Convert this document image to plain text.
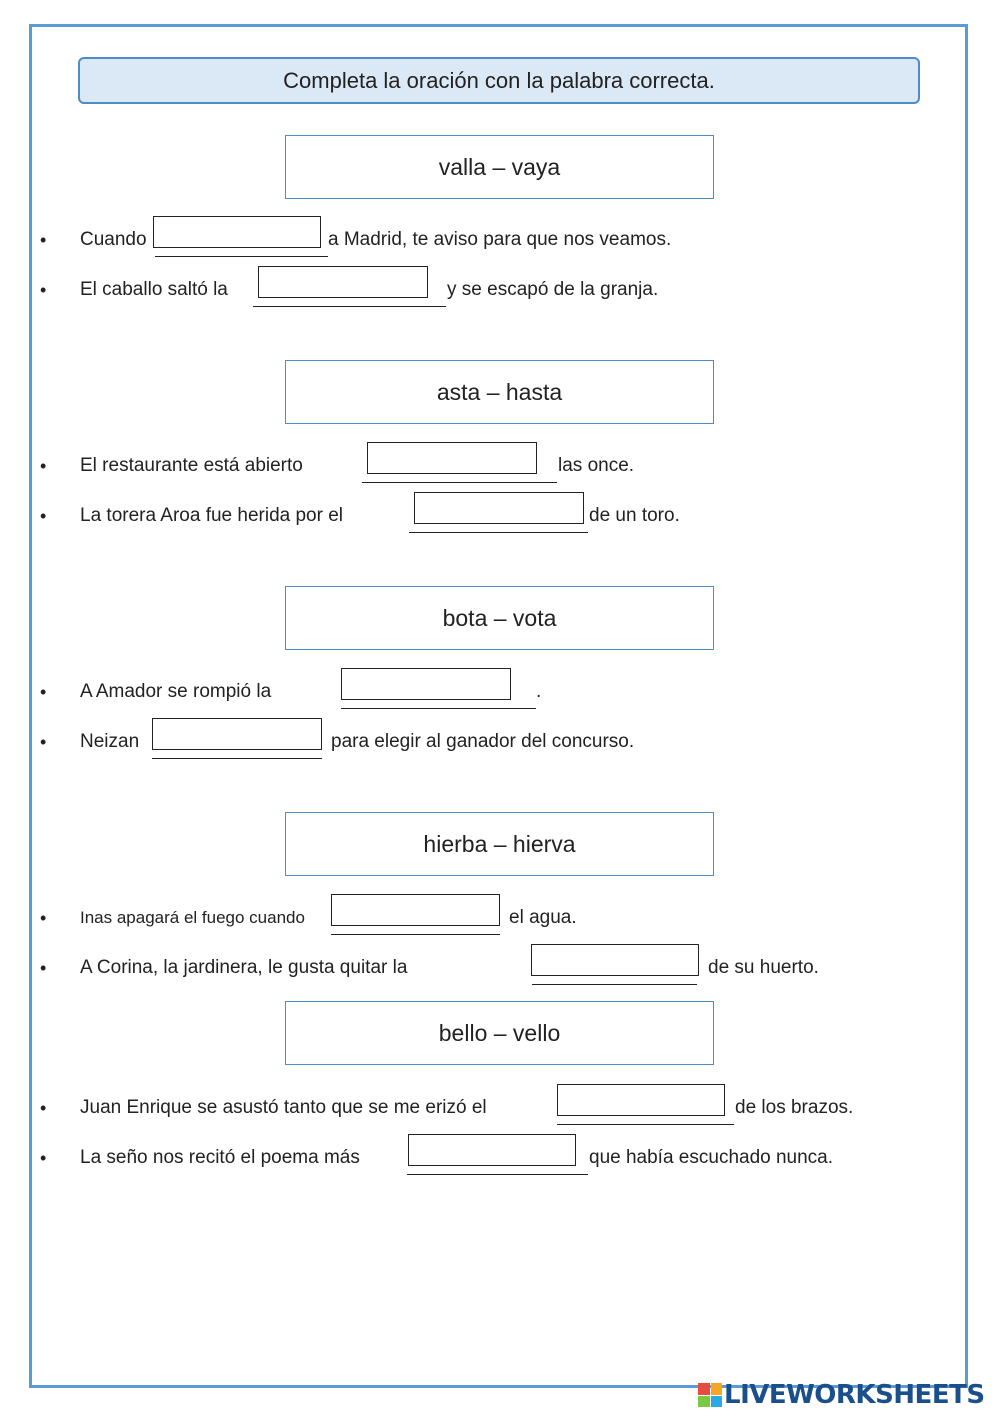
Completa la oración con la palabra correcta.
valla – vaya
• Cuando	a Madrid, te aviso para que nos veamos.
• El caballo saltó la	y se escapó de la granja.
asta – hasta
• El restaurante está abierto	las once.
• La torera Aroa fue herida por el	de un toro.
bota – vota
• A Amador se rompió la	.
• Neizan	para elegir al ganador del concurso.
hierba – hierva
• Inas apagará el fuego cuando	el agua.
• A Corina, la jardinera, le gusta quitar la	de su huerto.
bello – vello
• Juan Enrique se asustó tanto que se me erizó el	de los brazos.
• La seño nos recitó el poema más	que había escuchado nunca.
LIVEWORKSHEETS
